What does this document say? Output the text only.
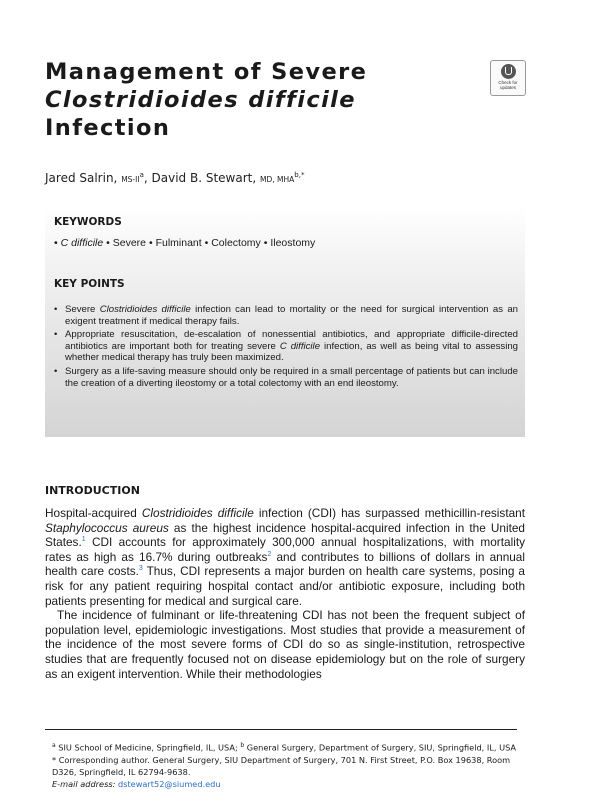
Management of Severe
Clostridioides difficile
Infection
Check for
updates
Jared Salrin, $MS-II^a$, David B. Stewart, MD, $MHA^{b,*}$
KEYWORDS
• C difficile • Severe • Fulminant • Colectomy • Ileostomy
KEY POINTS
• Severe Clostridioides difficile infection can lead to mortality or the need for surgical intervention as an exigent treatment if medical therapy fails.
• Appropriate resuscitation, de-escalation of nonessential antibiotics, and appropriate difficile-directed antibiotics are important both for treating severe C difficile infection, as well as being vital to assessing whether medical therapy has truly been maximized.
• Surgery as a life-saving measure should only be required in a small percentage of patients but can include the creation of a diverting ileostomy or a total colectomy with an end ileostomy.
INTRODUCTION

Hospital-acquired Clostridioides difficile infection (CDI) has surpassed methicillin-resistant Staphylococcus aureus as the highest incidence hospital-acquired infection in the United States.$^1$ CDI accounts for approximately 300,000 annual hospitalizations, with mortality rates as high as 16.7% during outbreaks$^2$ and contributes to billions of dollars in annual health care costs.$^3$ Thus, CDI represents a major burden on health care systems, posing a risk for any patient requiring hospital contact and/or antibiotic exposure, including both patients presenting for medical and surgical care.

The incidence of fulminant or life-threatening CDI has not been the frequent subject of population level, epidemiologic investigations. Most studies that provide a measurement of the incidence of the most severe forms of CDI do so as single-institution, retrospective studies that are frequently focused not on disease epidemiology but on the role of surgery as an exigent intervention. While their methodologies

$^a$ SIU School of Medicine, Springfield, IL, USA; $^b$ General Surgery, Department of Surgery, SIU, Springfield, IL, USA
* Corresponding author. General Surgery, SIU Department of Surgery, 701 N. First Street, P.O. Box 19638, Room D326, Springfield, IL 62794-9638.
E-mail address: dstewart52@siumed.edu
